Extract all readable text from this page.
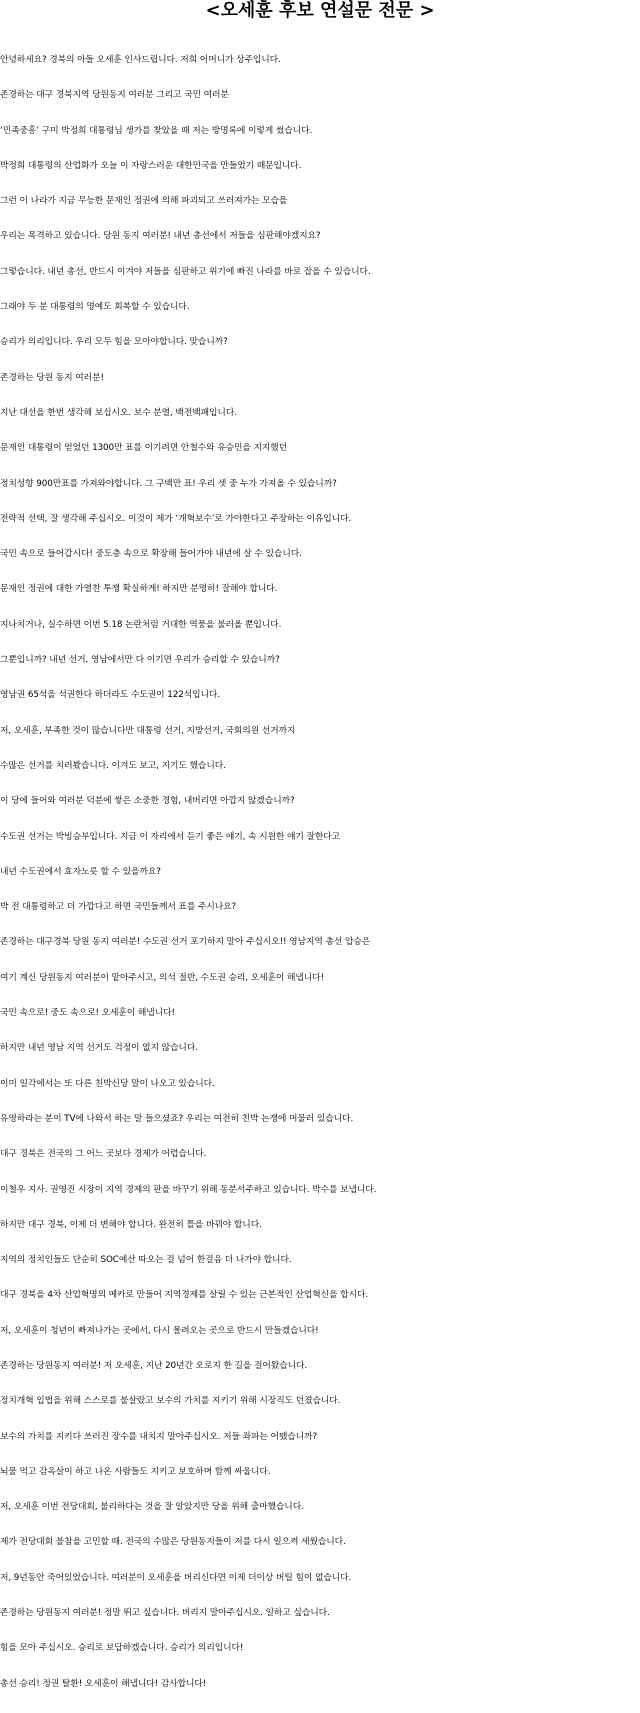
<오세훈 후보 연설문 전문 >
안녕하세요? 경북의 아들 오세훈 인사드립니다. 저희 어머니가 상주입니다.
존경하는 대구 경북지역 당원동지 여러분 그리고 국민 여러분
‘민족중흥’ 구미 박정희 대통령님 생가를 찾았을 때 저는 방명록에 이렇게 썼습니다.
박정희 대통령의 산업화가 오늘 이 자랑스러운 대한민국을 만들었기 때문입니다.
그런 이 나라가 지금 무능한 문재인 정권에 의해 파괴되고 쓰러져가는 모습을
우리는 목격하고 있습니다. 당원 동지 여러분! 내년 총선에서 저들을 심판해야겠지요?
그렇습니다. 내년 총선, 반드시 이겨야 저들을 심판하고 위기에 빠진 나라를 바로 잡을 수 있습니다.
그래야 두 분 대통령의 명예도 회복할 수 있습니다.
승리가 의리입니다. 우리 모두 힘을 모아야합니다. 맞습니까?
존경하는 당원 동지 여러분!
지난 대선을 한번 생각해 보십시오. 보수 분열, 백전백패입니다.
문재인 대통령이 얻었던 1300만 표를 이기려면 안철수와 유승민을 지지했던
정치성향 900만표를 가져와야합니다. 그 구백만 표! 우리 셋 중 누가 가져올 수 있습니까?
전략적 선택, 잘 생각해 주십시오. 이것이 제가 ‘개혁보수’로 가야한다고 주장하는 이유입니다.
국민 속으로 들어갑시다! 중도층 속으로 확장해 들어가야 내년에 살 수 있습니다.
문재인 정권에 대한 가열찬 투쟁 확실하게! 하지만 분명히! 잘해야 합니다.
지나치거나, 실수하면 이번 5.18 논란처럼 거대한 역풍을 불러올 뿐입니다.
그뿐입니까? 내년 선거, 영남에서만 다 이기면 우리가 승리할 수 있습니까?
영남권 65석을 석권한다 하더라도 수도권이 122석입니다.
저, 오세훈, 부족한 것이 많습니다만 대통령 선거, 지방선거, 국회의원 선거까지
수많은 선거를 치러봤습니다. 이겨도 보고, 지기도 했습니다.
이 당에 들어와 여러분 덕분에 쌓은 소중한 경험, 내버리면 아깝지 않겠습니까?
수도권 선거는 박빙승부입니다. 지금 이 자리에서 듣기 좋은 얘기, 속 시원한 얘기 잘한다고
내년 수도권에서 효자노릇 할 수 있을까요?
박 전 대통령하고 더 가깝다고 하면 국민들께서 표를 주시나요?
존경하는 대구경북 당원 동지 여러분! 수도권 선거 포기하지 말아 주십시오!! 영남지역 총선 압승은
여기 계신 당원동지 여러분이 맡아주시고, 의석 절반, 수도권 승리, 오세훈이 해냅니다!
국민 속으로! 중도 속으로! 오세훈이 해냅니다!
하지만 내년 영남 지역 선거도 걱정이 없지 않습니다.
이미 일각에서는 또 다른 친박신당 말이 나오고 있습니다.
유영하라는 분이 TV에 나와서 하는 말 들으셨죠? 우리는 여전히 친박 논쟁에 머물러 있습니다.
대구 경북은 전국의 그 어느 곳보다 경제가 어렵습니다.
이철우 지사. 권영진 시장이 지역 경제의 판을 바꾸기 위해 동분서주하고 있습니다. 박수를 보냅니다.
하지만 대구 경북, 이제 더 변해야 합니다. 완전히 틀을 바꿔야 합니다.
지역의 정치인들도 단순히 SOC예산 따오는 걸 넘어 한걸음 더 나가야 합니다.
대구 경북을 4차 산업혁명의 메카로 만들어 지역경제를 살릴 수 있는 근본적인 산업혁신을 합시다.
저, 오세훈이 청년이 빠져나가는 곳에서, 다시 몰려오는 곳으로 반드시 만들겠습니다!
존경하는 당원동지 여러분! 저 오세훈, 지난 20년간 오로지 한 길을 걸어왔습니다.
정치개혁 입법을 위해 스스로를 불살랐고 보수의 가치를 지키기 위해 시장직도 던졌습니다.
보수의 가치를 지키다 쓰러진 장수를 내치지 말아주십시오. 저들 좌파는 어땠습니까?
뇌물 먹고 감옥살이 하고 나온 사람들도 지키고 보호하며 함께 싸웁니다.
저, 오세훈 이번 전당대회, 불리하다는 것을 잘 알았지만 당을 위해 출마했습니다.
제가 전당대회 불참을 고민할 때. 전국의 수많은 당원동지들이 저를 다시 일으켜 세웠습니다.
저, 9년동안 죽어있었습니다. 여러분이 오세훈을 버리신다면 이제 더이상 버틸 힘이 없습니다.
존경하는 당원동지 여러분! 정말 뛰고 싶습니다. 버리지 말아주십시오. 일하고 싶습니다.
힘을 모아 주십시오. 승리로 보답하겠습니다. 승리가 의리입니다!
총선 승리! 정권 탈환! 오세훈이 해냅니다! 감사합니다!
